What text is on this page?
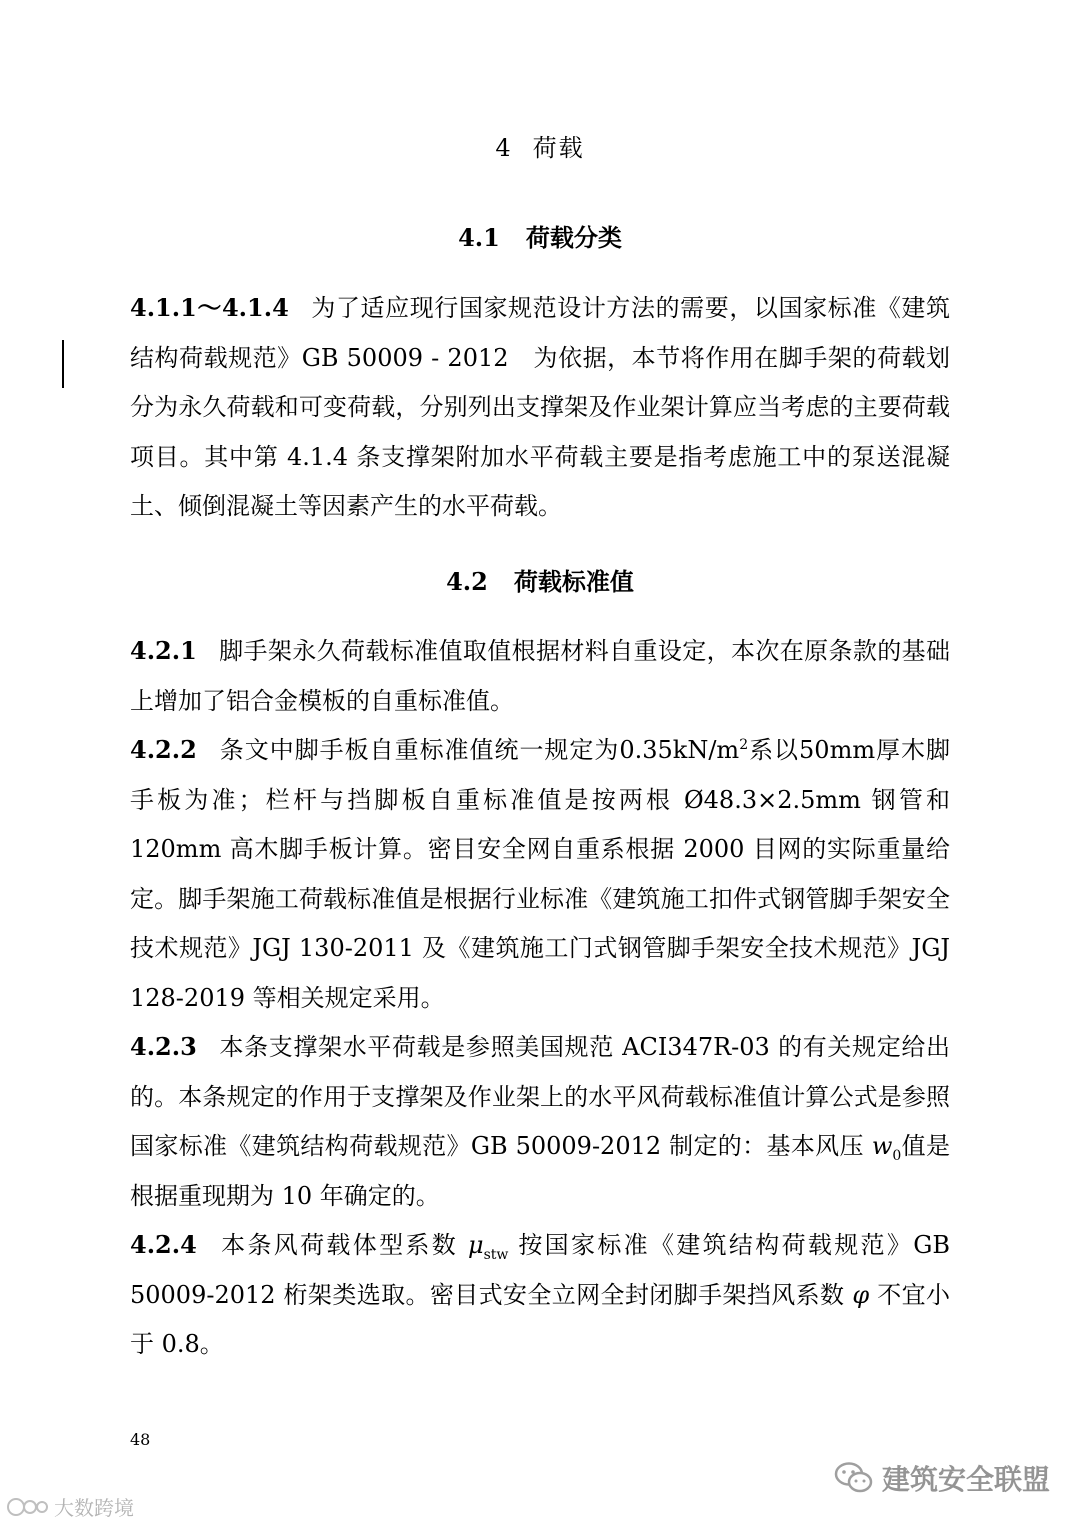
4 荷载
4.1 荷载分类

4.1.1～4.1.4 为了适应现行国家规范设计方法的需要，以国家标准《建筑结构荷载规范》GB 50009 - 2012　为依据，本节将作用在脚手架的荷载划分为永久荷载和可变荷载，分别列出支撑架及作业架计算应当考虑的主要荷载项目。其中第 4.1.4 条支撑架附加水平荷载主要是指考虑施工中的泵送混凝土、倾倒混凝土等因素产生的水平荷载。

4.2 荷载标准值

4.2.1 脚手架永久荷载标准值取值根据材料自重设定，本次在原条款的基础上增加了铝合金模板的自重标准值。

4.2.2 条文中脚手板自重标准值统一规定为$0.35kN/m^2$系以50mm厚木脚手板为准；栏杆与挡脚板自重标准值是按两根 Ø48.3×2.5mm 钢管和 120mm 高木脚手板计算。密目安全网自重系根据 2000 目网的实际重量给定。脚手架施工荷载标准值是根据行业标准《建筑施工扣件式钢管脚手架安全技术规范》JGJ 130-2011 及《建筑施工门式钢管脚手架安全技术规范》JGJ 128-2019 等相关规定采用。

4.2.3 本条支撑架水平荷载是参照美国规范 ACI347R-03 的有关规定给出的。本条规定的作用于支撑架及作业架上的水平风荷载标准值计算公式是参照国家标准《建筑结构荷载规范》GB 50009-2012 制定的：基本风压 $w_0$值是根据重现期为 10 年确定的。

4.2.4 本条风荷载体型系数 $\mu_{stw}$ 按国家标准《建筑结构荷载规范》GB 50009-2012 桁架类选取。密目式安全立网全封闭脚手架挡风系数 φ 不宜小于 0.8。

48
建筑安全联盟
大数跨境
